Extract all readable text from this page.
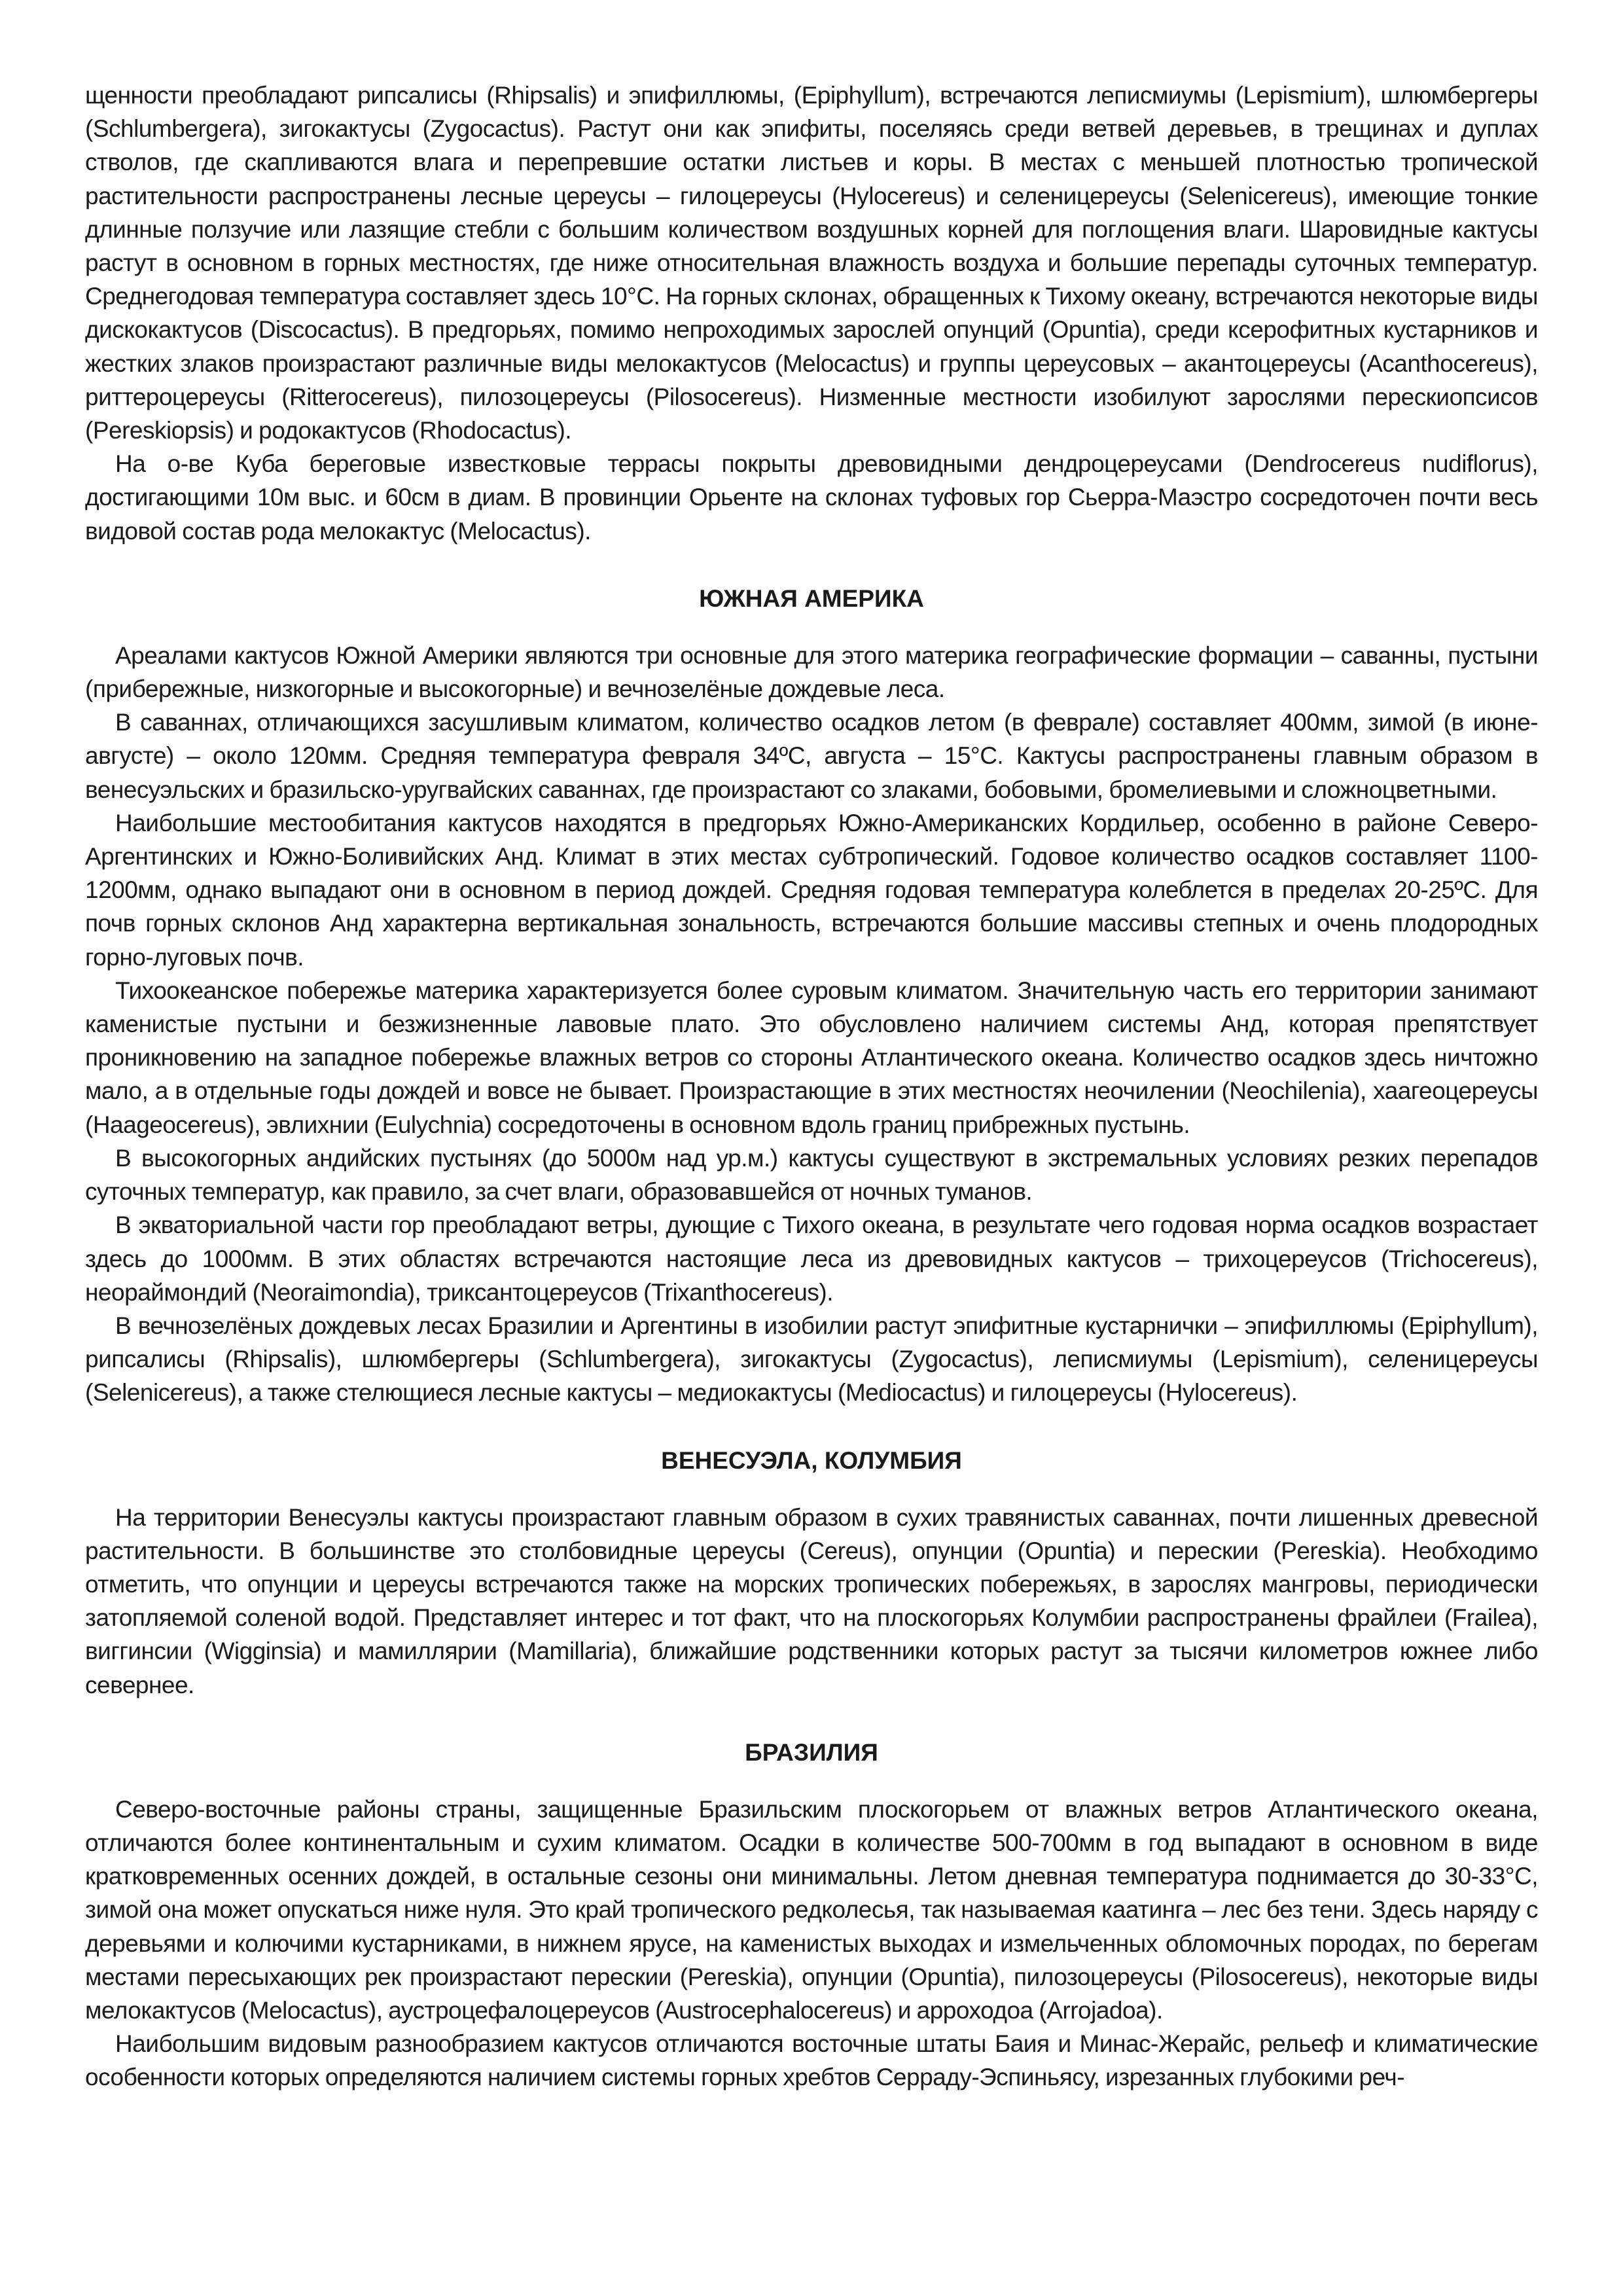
щенности преобладают рипсалисы (Rhipsalis) и эпифиллюмы, (Epiphyllum), встречаются леписмиумы (Lepismium), шлюмбергеры (Schlumbergera), зигокактусы (Zygocactus). Растут они как эпифиты, поселяясь среди ветвей деревьев, в трещинах и дуплах стволов, где скапливаются влага и перепревшие остатки листьев и коры. В местах с меньшей плотностью тропической растительности распространены лесные цереусы – гилоцереусы (Hylocereus) и селеницереусы (Selenicereus), имеющие тонкие длинные ползучие или лазящие стебли с большим количеством воздушных корней для поглощения влаги. Шаровидные кактусы растут в основном в горных местностях, где ниже относительная влажность воздуха и большие перепады суточных температур. Среднегодовая температура составляет здесь 10°С. На горных склонах, обращенных к Тихому океану, встречаются некоторые виды дискокактусов (Discocactus). В предгорьях, помимо непроходимых зарослей опунций (Opuntia), среди ксерофитных кустарников и жестких злаков произрастают различные виды мелокактусов (Melocactus) и группы цереусовых – акантоцереусы (Acanthocereus), риттероцереусы (Ritterocereus), пилозоцереусы (Pilosocereus). Низменные местности изобилуют зарослями перескиопсисов (Pereskiopsis) и родокактусов (Rhodocactus).

На о-ве Куба береговые известковые террасы покрыты древовидными дендроцереусами (Dendrocereus nudiflorus), достигающими 10м выс. и 60см в диам. В провинции Орьенте на склонах туфовых гор Сьерра-Маэстро сосредоточен почти весь видовой состав рода мелокактус (Melocactus).

ЮЖНАЯ АМЕРИКА

Ареалами кактусов Южной Америки являются три основные для этого материка географические формации – саванны, пустыни (прибережные, низкогорные и высокогорные) и вечнозелёные дождевые леса.

В саваннах, отличающихся засушливым климатом, количество осадков летом (в феврале) составляет 400мм, зимой (в июне-августе) – около 120мм. Средняя температура февраля 34ºС, августа – 15°С. Кактусы распространены главным образом в венесуэльских и бразильско-уругвайских саваннах, где произрастают со злаками, бобовыми, бромелиевыми и сложноцветными.

Наибольшие местообитания кактусов находятся в предгорьях Южно-Американских Кордильер, особенно в районе Северо-Аргентинских и Южно-Боливийских Анд. Климат в этих местах субтропический. Годовое количество осадков составляет 1100-1200мм, однако выпадают они в основном в период дождей. Средняя годовая температура колеблется в пределах 20-25ºС. Для почв горных склонов Анд характерна вертикальная зональность, встречаются большие массивы степных и очень плодородных горно-луговых почв.

Тихоокеанское побережье материка характеризуется более суровым климатом. Значительную часть его территории занимают каменистые пустыни и безжизненные лавовые плато. Это обусловлено наличием системы Анд, которая препятствует проникновению на западное побережье влажных ветров со стороны Атлантического океана. Количество осадков здесь ничтожно мало, а в отдельные годы дождей и вовсе не бывает. Произрастающие в этих местностях неочилении (Neochilenia), хаагеоцереусы (Haageocereus), эвлихнии (Eulychnia) сосредоточены в основном вдоль границ прибрежных пустынь.

В высокогорных андийских пустынях (до 5000м над ур.м.) кактусы существуют в экстремальных условиях резких перепадов суточных температур, как правило, за счет влаги, образовавшейся от ночных туманов.

В экваториальной части гор преобладают ветры, дующие с Тихого океана, в результате чего годовая норма осадков возрастает здесь до 1000мм. В этих областях встречаются настоящие леса из древовидных кактусов – трихоцереусов (Trichocereus), неораймондий (Neoraimondia), триксантоцереусов (Trixanthocereus).

В вечнозелёных дождевых лесах Бразилии и Аргентины в изобилии растут эпифитные кустарнички – эпифиллюмы (Epiphyllum), рипсалисы (Rhipsalis), шлюмбергеры (Schlumbergera), зигокактусы (Zygocactus), леписмиумы (Lepismium), селеницереусы (Selenicereus), а также стелющиеся лесные кактусы – медиокактусы (Mediocactus) и гилоцереусы (Hylocereus).

ВЕНЕСУЭЛА, КОЛУМБИЯ

На территории Венесуэлы кактусы произрастают главным образом в сухих травянистых саваннах, почти лишенных древесной растительности. В большинстве это столбовидные цереусы (Cereus), опунции (Opuntia) и перескии (Pereskia). Необходимо отметить, что опунции и цереусы встречаются также на морских тропических побережьях, в зарослях мангровы, периодически затопляемой соленой водой. Представляет интерес и тот факт, что на плоскогорьях Колумбии распространены фрайлеи (Frailea), виггинсии (Wigginsia) и мамиллярии (Mamillaria), ближайшие родственники которых растут за тысячи километров южнее либо севернее.

БРАЗИЛИЯ

Северо-восточные районы страны, защищенные Бразильским плоскогорьем от влажных ветров Атлантического океана, отличаются более континентальным и сухим климатом. Осадки в количестве 500-700мм в год выпадают в основном в виде кратковременных осенних дождей, в остальные сезоны они минимальны. Летом дневная температура поднимается до 30-33°С, зимой она может опускаться ниже нуля. Это край тропического редколесья, так называемая каатинга – лес без тени. Здесь наряду с деревьями и колючими кустарниками, в нижнем ярусе, на каменистых выходах и измельченных обломочных породах, по берегам местами пересыхающих рек произрастают перескии (Pereskia), опунции (Opuntia), пилозоцереусы (Pilosocereus), некоторые виды мелокактусов (Melocactus), аустроцефалоцереусов (Austrocephalocereus) и арроходоа (Arrojadoa).

Наибольшим видовым разнообразием кактусов отличаются восточные штаты Баия и Минас-Жерайс, рельеф и климатические особенности которых определяются наличием системы горных хребтов Серраду-Эспиньясу, изрезанных глубокими реч-
